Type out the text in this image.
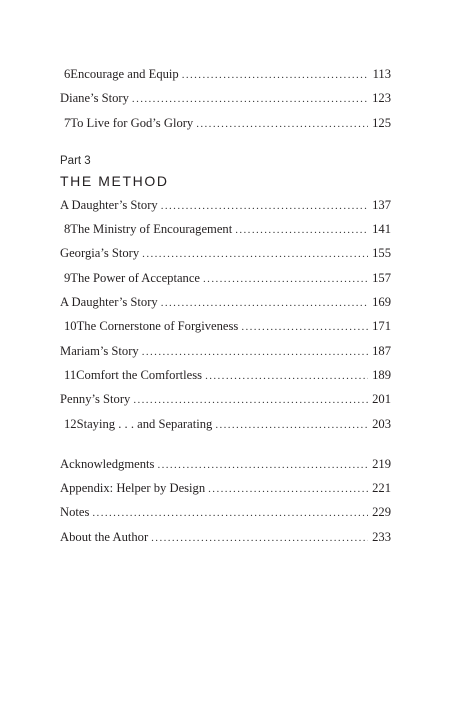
6 Encourage and Equip .....	113
Diane’s Story .....	123
7 To Live for God’s Glory .....	125
Part 3
THE METHOD
A Daughter’s Story .....	137
8 The Ministry of Encouragement .....	141
Georgia’s Story .....	155
9 The Power of Acceptance .....	157
A Daughter’s Story .....	169
10 The Cornerstone of Forgiveness .....	171
Mariam’s Story .....	187
11 Comfort the Comfortless .....	189
Penny’s Story .....	201
12 Staying . . . and Separating .....	203
Acknowledgments .....	219
Appendix: Helper by Design .....	221
Notes .....	229
About the Author .....	233
